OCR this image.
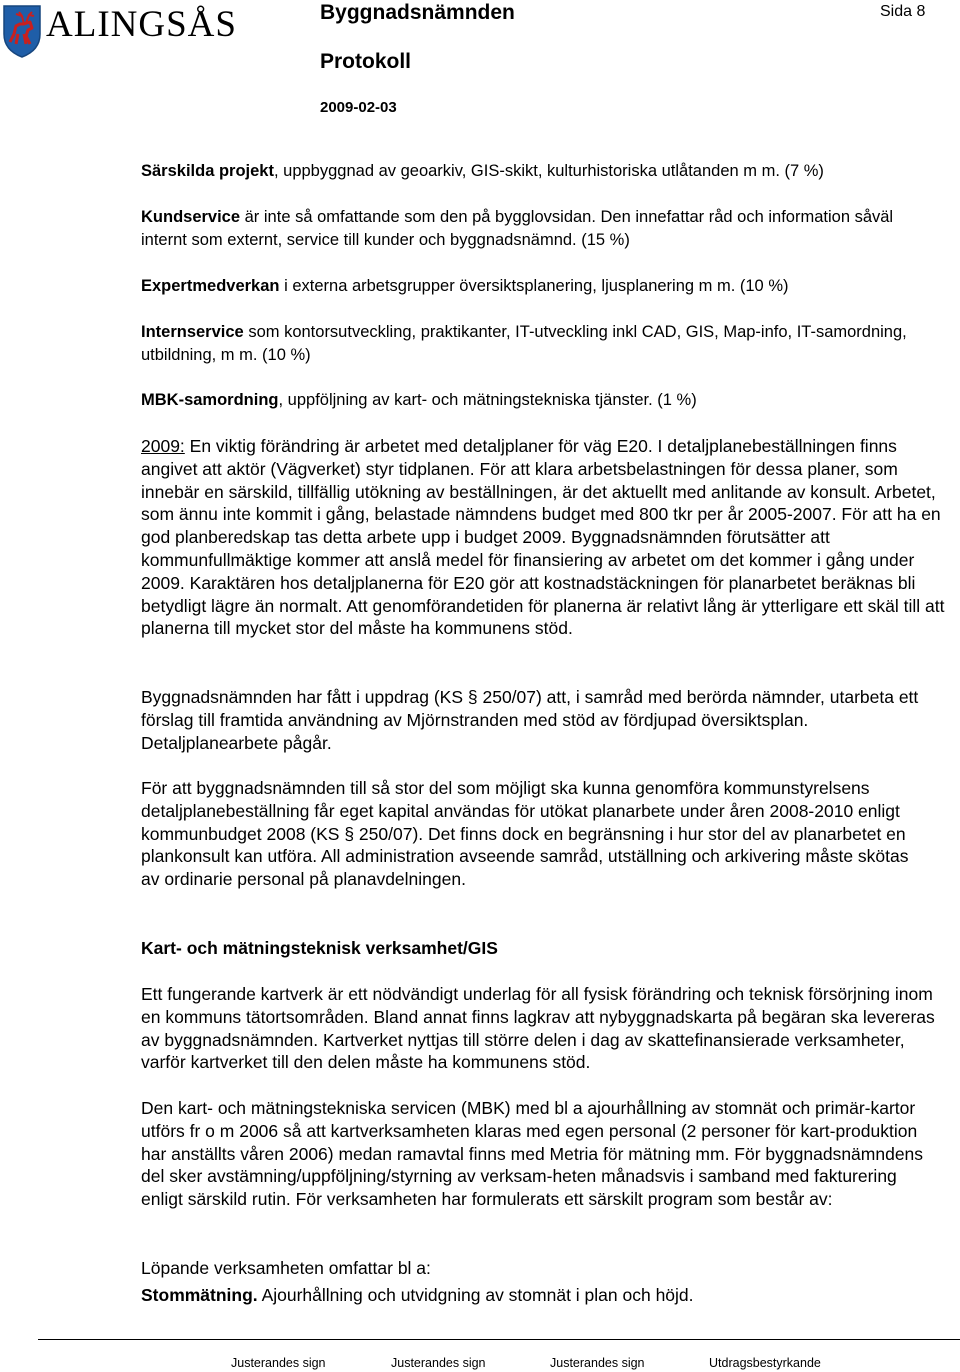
ALINGSÅS	Byggnadsnämnden
Protokoll
2009-02-03
Sida 8
Särskilda projekt, uppbyggnad av geoarkiv, GIS-skikt, kulturhistoriska utlåtanden m m. (7 %)
Kundservice är inte så omfattande som den på bygglovsidan. Den innefattar råd och information såväl internt som externt, service till kunder och byggnadsnämnd. (15 %)
Expertmedverkan i externa arbetsgrupper översiktsplanering, ljusplanering m m. (10 %)
Internservice som kontorsutveckling, praktikanter, IT-utveckling inkl CAD, GIS, Map-info, IT-samordning, utbildning, m m. (10 %)
MBK-samordning, uppföljning av kart- och mätningstekniska tjänster. (1 %)
2009: En viktig förändring är arbetet med detaljplaner för väg E20. I detaljplanebeställningen finns angivet att aktör (Vägverket) styr tidplanen. För att klara arbetsbelastningen för dessa planer, som innebär en särskild, tillfällig utökning av beställningen, är det aktuellt med anlitande av konsult. Arbetet, som ännu inte kommit i gång, belastade nämndens budget med 800 tkr per år 2005-2007. För att ha en god planberedskap tas detta arbete upp i budget 2009. Byggnadsnämnden förutsätter att kommunfullmäktige kommer att anslå medel för finansiering av arbetet om det kommer i gång under 2009. Karaktären hos detaljplanerna för E20 gör att kostnadstäckningen för planarbetet beräknas bli betydligt lägre än normalt. Att genomförandetiden för planerna är relativt lång är ytterligare ett skäl till att planerna till mycket stor del måste ha kommunens stöd.
Byggnadsnämnden har fått i uppdrag (KS § 250/07) att, i samråd med berörda nämnder, utarbeta ett förslag till framtida användning av Mjörnstranden med stöd av fördjupad översiktsplan. Detaljplanearbete pågår.
För att byggnadsnämnden till så stor del som möjligt ska kunna genomföra kommunstyrelsens detaljplanebeställning får eget kapital användas för utökat planarbete under åren 2008-2010 enligt kommunbudget 2008 (KS § 250/07). Det finns dock en begränsning i hur stor del av planarbetet en plankonsult kan utföra. All administration avseende samråd, utställning och arkivering måste skötas av ordinarie personal på planavdelningen.
Kart- och mätningsteknisk verksamhet/GIS
Ett fungerande kartverk är ett nödvändigt underlag för all fysisk förändring och teknisk försörjning inom en kommuns tätortsområden. Bland annat finns lagkrav att nybyggnadskarta på begäran ska levereras av byggnadsnämnden. Kartverket nyttjas till större delen i dag av skattefinansierade verksamheter, varför kartverket till den delen måste ha kommunens stöd.
Den kart- och mätningstekniska servicen (MBK) med bl a ajourhållning av stomnät och primär-kartor utförs fr o m 2006 så att kartverksamheten klaras med egen personal (2 personer för kart-produktion har anställts våren 2006) medan ramavtal finns med Metria för mätning mm. För byggnadsnämndens del sker avstämning/uppföljning/styrning av verksam-heten månadsvis i samband med fakturering enligt särskild rutin. För verksamheten har formulerats ett särskilt program som består av:
Löpande verksamheten omfattar bl a:
Stommätning. Ajourhållning och utvidgning av stomnät i plan och höjd.
Justerandes sign	Justerandes sign	Justerandes sign	Utdragsbestyrkande
